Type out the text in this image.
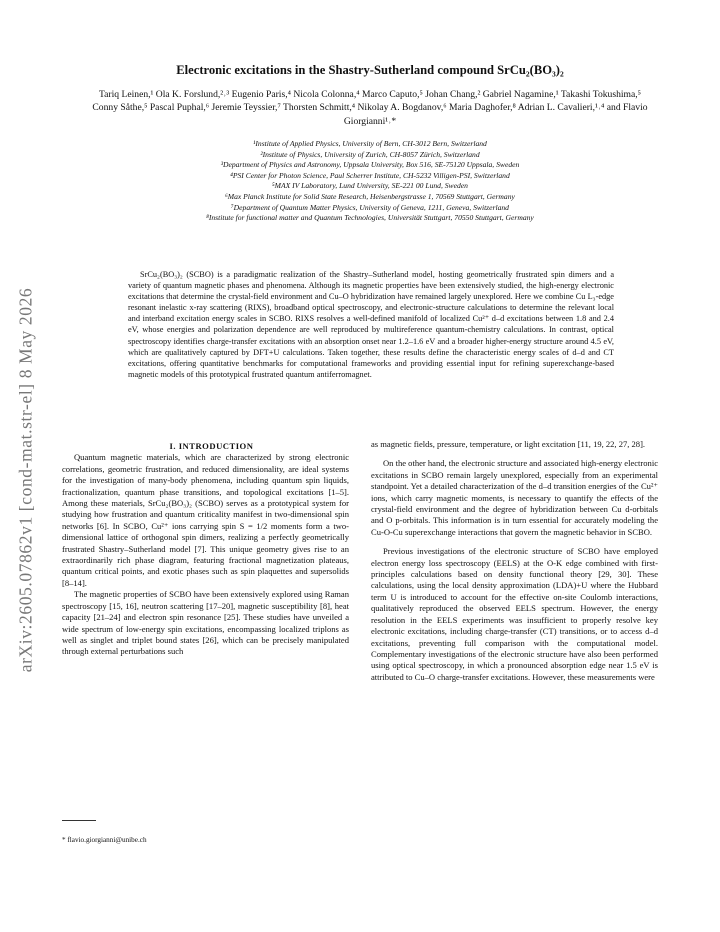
arXiv:2605.07862v1 [cond-mat.str-el] 8 May 2026
Electronic excitations in the Shastry-Sutherland compound SrCu₂(BO₃)₂
Tariq Leinen,¹ Ola K. Forslund,²˒³ Eugenio Paris,⁴ Nicola Colonna,⁴ Marco Caputo,⁵ Johan Chang,² Gabriel Nagamine,¹ Takashi Tokushima,⁵ Conny Såthe,⁵ Pascal Puphal,⁶ Jeremie Teyssier,⁷ Thorsten Schmitt,⁴ Nikolay A. Bogdanov,⁶ Maria Daghofer,⁸ Adrian L. Cavalieri,¹˒⁴ and Flavio Giorgianni¹˒*
¹Institute of Applied Physics, University of Bern, CH-3012 Bern, Switzerland
²Institute of Physics, University of Zurich, CH-8057 Zürich, Switzerland
³Department of Physics and Astronomy, Uppsala University, Box 516, SE-75120 Uppsala, Sweden
⁴PSI Center for Photon Science, Paul Scherrer Institute, CH-5232 Villigen-PSI, Switzerland
⁵MAX IV Laboratory, Lund University, SE-221 00 Lund, Sweden
⁶Max Planck Institute for Solid State Research, Heisenbergstrasse 1, 70569 Stuttgart, Germany
⁷Department of Quantum Matter Physics, University of Geneva, 1211, Geneva, Switzerland
⁸Institute for functional matter and Quantum Technologies, Universität Stuttgart, 70550 Stuttgart, Germany
SrCu₂(BO₃)₂ (SCBO) is a paradigmatic realization of the Shastry–Sutherland model, hosting geometrically frustrated spin dimers and a variety of quantum magnetic phases and phenomena. Although its magnetic properties have been extensively studied, the high-energy electronic excitations that determine the crystal-field environment and Cu–O hybridization have remained largely unexplored. Here we combine Cu L₃-edge resonant inelastic x-ray scattering (RIXS), broadband optical spectroscopy, and electronic-structure calculations to determine the relevant local and interband excitation energy scales in SCBO. RIXS resolves a well-defined manifold of localized Cu²⁺ d–d excitations between 1.8 and 2.4 eV, whose energies and polarization dependence are well reproduced by multireference quantum-chemistry calculations. In contrast, optical spectroscopy identifies charge-transfer excitations with an absorption onset near 1.2–1.6 eV and a broader higher-energy structure around 4.5 eV, which are qualitatively captured by DFT+U calculations. Taken together, these results define the characteristic energy scales of d–d and CT excitations, offering quantitative benchmarks for computational frameworks and providing essential input for refining superexchange-based magnetic models of this prototypical frustrated quantum antiferromagnet.

I. INTRODUCTION

Quantum magnetic materials, which are characterized by strong electronic correlations, geometric frustration, and reduced dimensionality, are ideal systems for the investigation of many-body phenomena, including quantum spin liquids, fractionalization, quantum phase transitions, and topological excitations [1–5]. Among these materials, SrCu₂(BO₃)₂ (SCBO) serves as a prototypical system for studying how frustration and quantum criticality manifest in two-dimensional spin networks [6]. In SCBO, Cu²⁺ ions carrying spin S = 1/2 moments form a two-dimensional lattice of orthogonal spin dimers, realizing a perfectly geometrically frustrated Shastry–Sutherland model [7]. This unique geometry gives rise to an extraordinarily rich phase diagram, featuring fractional magnetization plateaus, quantum critical points, and exotic phases such as spin plaquettes and supersolids [8–14].

The magnetic properties of SCBO have been extensively explored using Raman spectroscopy [15, 16], neutron scattering [17–20], magnetic susceptibility [8], heat capacity [21–24] and electron spin resonance [25]. These studies have unveiled a wide spectrum of low-energy spin excitations, encompassing localized triplons as well as singlet and triplet bound states [26], which can be precisely manipulated through external perturbations such

as magnetic fields, pressure, temperature, or light excitation [11, 19, 22, 27, 28].

On the other hand, the electronic structure and associated high-energy electronic excitations in SCBO remain largely unexplored, especially from an experimental standpoint. Yet a detailed characterization of the d–d transition energies of the Cu²⁺ ions, which carry magnetic moments, is necessary to quantify the effects of the crystal-field environment and the degree of hybridization between Cu d-orbitals and O p-orbitals. This information is in turn essential for accurately modeling the Cu-O-Cu superexchange interactions that govern the magnetic behavior in SCBO.

Previous investigations of the electronic structure of SCBO have employed electron energy loss spectroscopy (EELS) at the O-K edge combined with first-principles calculations based on density functional theory [29, 30]. These calculations, using the local density approximation (LDA)+U where the Hubbard term U is introduced to account for the effective on-site Coulomb interactions, qualitatively reproduced the observed EELS spectrum. However, the energy resolution in the EELS experiments was insufficient to properly resolve key electronic excitations, including charge-transfer (CT) transitions, or to access d–d excitations, preventing full comparison with the computational model. Complementary investigations of the electronic structure have also been performed using optical spectroscopy, in which a pronounced absorption edge near 1.5 eV is attributed to Cu–O charge-transfer excitations. However, these measurements were

* flavio.giorgianni@unibe.ch
